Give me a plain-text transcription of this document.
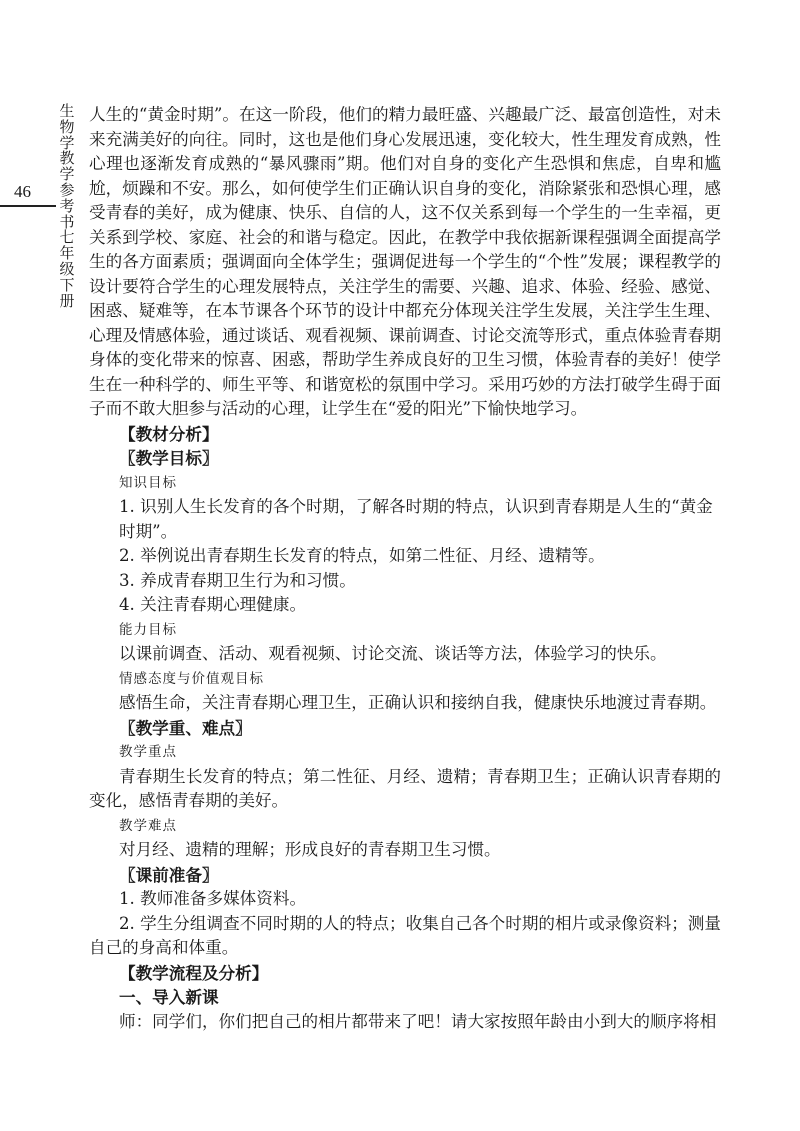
生物学教学参考书七年级下册
46

人生的“黄金时期”。在这一阶段，他们的精力最旺盛、兴趣最广泛、最富创造性，对未来充满美好的向往。同时，这也是他们身心发展迅速，变化较大，性生理发育成熟，性心理也逐渐发育成熟的“暴风骤雨”期。他们对自身的变化产生恐惧和焦虑，自卑和尴尬，烦躁和不安。那么，如何使学生们正确认识自身的变化，消除紧张和恐惧心理，感受青春的美好，成为健康、快乐、自信的人，这不仅关系到每一个学生的一生幸福，更关系到学校、家庭、社会的和谐与稳定。因此，在教学中我依据新课程强调全面提高学生的各方面素质；强调面向全体学生；强调促进每一个学生的“个性”发展；课程教学的设计要符合学生的心理发展特点，关注学生的需要、兴趣、追求、体验、经验、感觉、困惑、疑难等，在本节课各个环节的设计中都充分体现关注学生发展，关注学生生理、心理及情感体验，通过谈话、观看视频、课前调查、讨论交流等形式，重点体验青春期身体的变化带来的惊喜、困惑，帮助学生养成良好的卫生习惯，体验青春的美好！使学生在一种科学的、师生平等、和谐宽松的氛围中学习。采用巧妙的方法打破学生碍于面子而不敢大胆参与活动的心理，让学生在“爱的阳光”下愉快地学习。

【教材分析】

〖教学目标〗

知识目标

1. 识别人生长发育的各个时期，了解各时期的特点，认识到青春期是人生的“黄金时期”。

2. 举例说出青春期生长发育的特点，如第二性征、月经、遗精等。

3. 养成青春期卫生行为和习惯。

4. 关注青春期心理健康。

能力目标

以课前调查、活动、观看视频、讨论交流、谈话等方法，体验学习的快乐。

情感态度与价值观目标

感悟生命，关注青春期心理卫生，正确认识和接纳自我，健康快乐地渡过青春期。

〖教学重、难点〗

教学重点

青春期生长发育的特点；第二性征、月经、遗精；青春期卫生；正确认识青春期的变化，感悟青春期的美好。

教学难点

对月经、遗精的理解；形成良好的青春期卫生习惯。

〖课前准备〗

1. 教师准备多媒体资料。

2. 学生分组调查不同时期的人的特点；收集自己各个时期的相片或录像资料；测量自己的身高和体重。

【教学流程及分析】

一、导入新课

师：同学们，你们把自己的相片都带来了吧！请大家按照年龄由小到大的顺序将相
